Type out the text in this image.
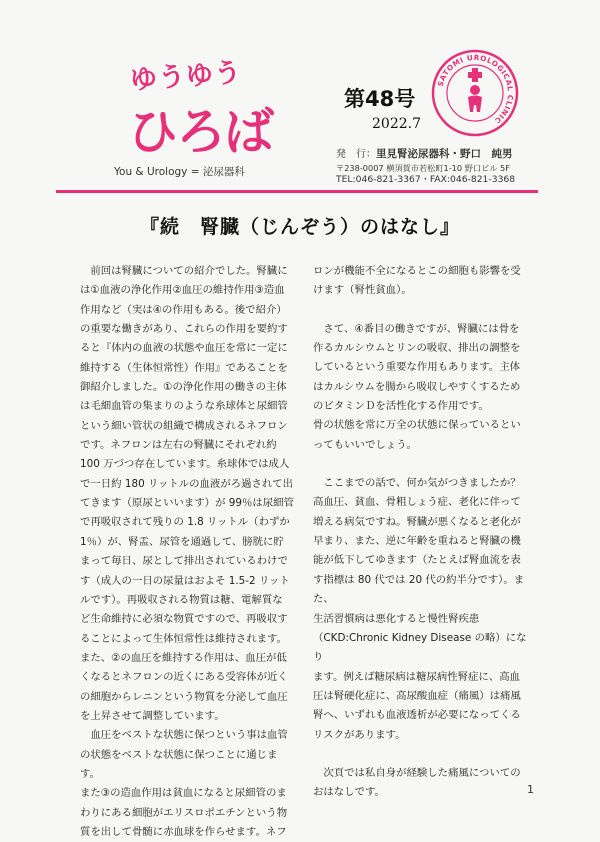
ゆうゆう
ひろば
You & Urology = 泌尿器科
第48号
2022.7
SATOMI UROLOGICAL CLINIC
発　行：里見腎泌尿器科・野口　純男
〒238-0007 横須賀市若松町1-10 野口ビル 5F
TEL:046-821-3367・FAX:046-821-3368
『続　腎臓（じんぞう）のはなし』

　前回は腎臓についての紹介でした。腎臓に

は①血液の浄化作用②血圧の維持作用③造血

作用など（実は④の作用もある。後で紹介）

の重要な働きがあり、これらの作用を要約す

ると『体内の血液の状態や血圧を常に一定に

維持する（生体恒常性）作用』であることを

御紹介しました。①の浄化作用の働きの主体

は毛細血管の集まりのような糸球体と尿細管

という細い管状の組織で構成されるネフロン

です。ネフロンは左右の腎臓にそれぞれ約

100 万づつ存在しています。糸球体では成人

で一日約 180 リットルの血液がろ過されて出

てきます（原尿といいます）が 99％は尿細管

で再吸収されて残りの 1.8 リットル（わずか

1％）が、腎盂、尿管を通過して、膀胱に貯

まって毎日、尿として排出されているわけで

す（成人の一日の尿量はおよそ 1.5-2 リット

ルです）。再吸収される物質は糖、電解質な

ど生命維持に必須な物質ですので、再吸収す

ることによって生体恒常性は維持されます。

また、②の血圧を維持する作用は、血圧が低

くなるとネフロンの近くにある受容体が近く

の細胞からレニンという物質を分泌して血圧

を上昇させて調整しています。

　血圧をベストな状態に保つという事は血管

の状態をベストな状態に保つことに通じます。

また③の造血作用は貧血になると尿細管のま

わりにある細胞がエリスロポエチンという物

質を出して骨髄に赤血球を作らせます。ネフ

ロンが機能不全になるとこの細胞も影響を受

けます（腎性貧血）。

　さて、④番目の働きですが、腎臓には骨を

作るカルシウムとリンの吸収、排出の調整を

しているという重要な作用もあります。主体

はカルシウムを腸から吸収しやすくするため

のビタミンＤを活性化する作用です。

骨の状態を常に万全の状態に保っているとい

ってもいいでしょう。

　ここまでの話で、何か気がつきましたか？

高血圧、貧血、骨粗しょう症、老化に伴って

増える病気ですね。腎臓が悪くなると老化が

早まり、また、逆に年齢を重ねると腎臓の機

能が低下してゆきます（たとえば腎血流を表

す指標は 80 代では 20 代の約半分です）。また、

生活習慣病は悪化すると慢性腎疾患

（CKD:Chronic Kidney Disease の略）になり

ます。例えば糖尿病は糖尿病性腎症に、高血

圧は腎硬化症に、高尿酸血症（痛風）は痛風

腎へ、いずれも血液透析が必要になってくる

リスクがあります。

　次頁では私自身が経験した痛風についての

おはなしです。	1
